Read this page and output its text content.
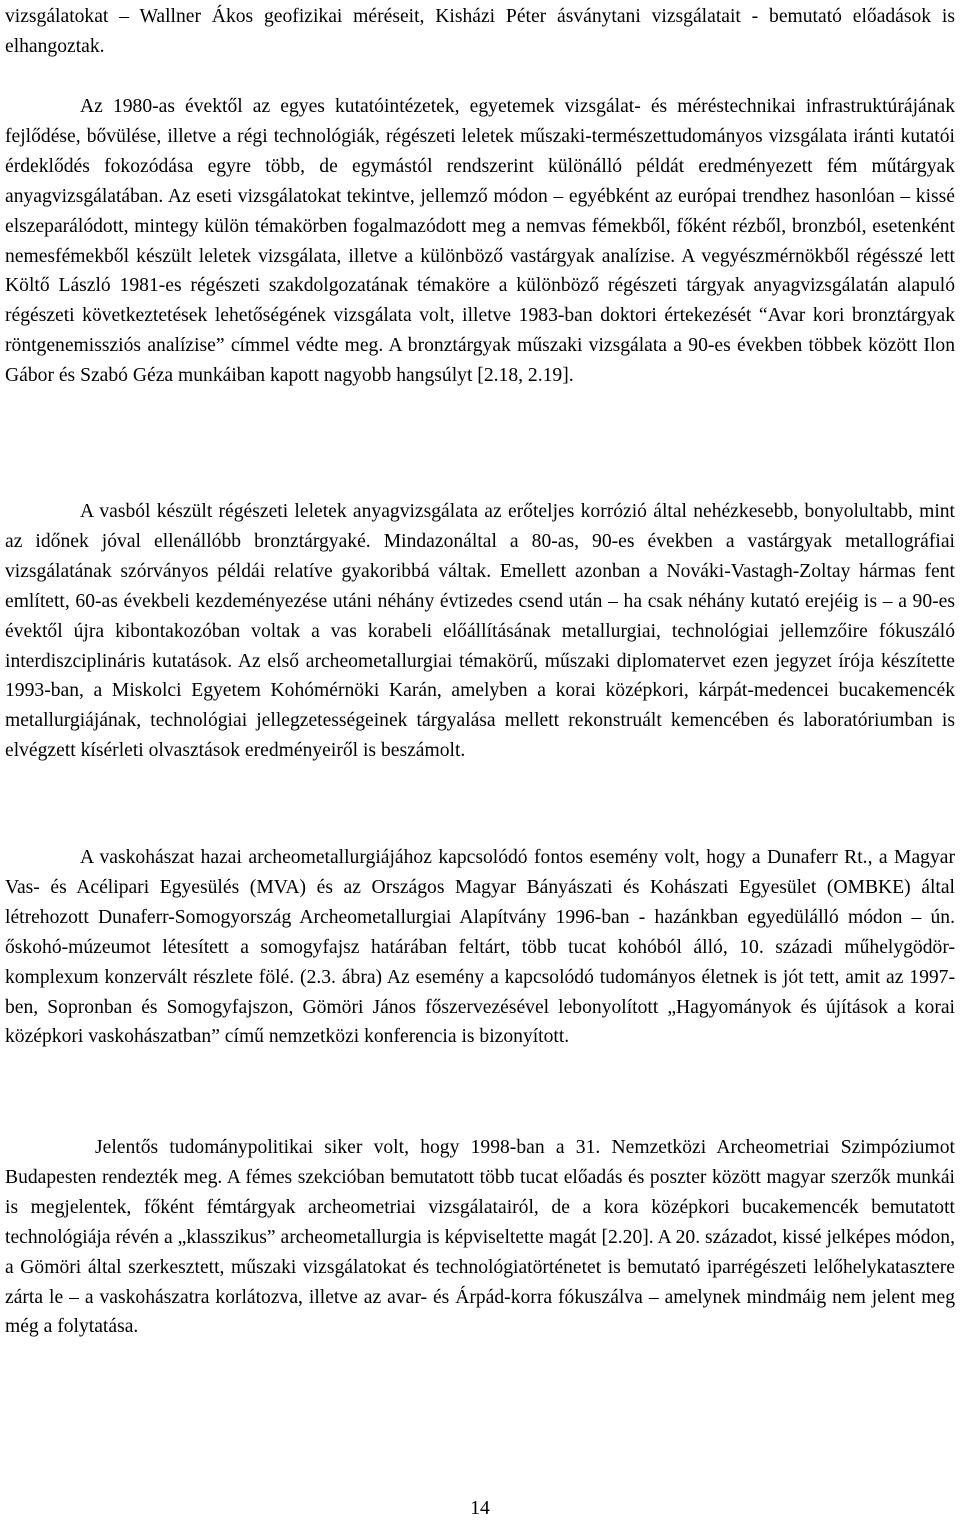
vizsgálatokat – Wallner Ákos geofizikai méréseit, Kisházi Péter ásványtani vizsgálatait - bemutató előadások is elhangoztak.

Az 1980-as évektől az egyes kutatóintézetek, egyetemek vizsgálat- és méréstechnikai infrastruktúrájának fejlődése, bővülése, illetve a régi technológiák, régészeti leletek műszaki-természettudományos vizsgálata iránti kutatói érdeklődés fokozódása egyre több, de egymástól rendszerint különálló példát eredményezett fém műtárgyak anyagvizsgálatában. Az eseti vizsgálatokat tekintve, jellemző módon – egyébként az európai trendhez hasonlóan – kissé elszeparálódott, mintegy külön témakörben fogalmazódott meg a nemvas fémekből, főként rézből, bronzból, esetenként nemesfémekből készült leletek vizsgálata, illetve a különböző vastárgyak analízise. A vegyészmérnökből régésszé lett Költő László 1981-es régészeti szakdolgozatának témaköre a különböző régészeti tárgyak anyagvizsgálatán alapuló régészeti következtetések lehetőségének vizsgálata volt, illetve 1983-ban doktori értekezését “Avar kori bronztárgyak röntgenemissziós analízise” címmel védte meg. A bronztárgyak műszaki vizsgálata a 90-es években többek között Ilon Gábor és Szabó Géza munkáiban kapott nagyobb hangsúlyt [2.18, 2.19].

A vasból készült régészeti leletek anyagvizsgálata az erőteljes korrózió által nehézkesebb, bonyolultabb, mint az időnek jóval ellenállóbb bronztárgyaké. Mindazonáltal a 80-as, 90-es években a vastárgyak metallográfiai vizsgálatának szórványos példái relatíve gyakoribbá váltak. Emellett azonban a Nováki-Vastagh-Zoltay hármas fent említett, 60-as évekbeli kezdeményezése utáni néhány évtizedes csend után – ha csak néhány kutató erejéig is – a 90-es évektől újra kibontakozóban voltak a vas korabeli előállításának metallurgiai, technológiai jellemzőire fókuszáló interdiszciplináris kutatások. Az első archeometallurgiai témakörű, műszaki diplomatervet ezen jegyzet írója készítette 1993-ban, a Miskolci Egyetem Kohómérnöki Karán, amelyben a korai középkori, kárpát-medencei bucakemencék metallurgiájának, technológiai jellegzetességeinek tárgyalása mellett rekonstruált kemencében és laboratóriumban is elvégzett kísérleti olvasztások eredményeiről is beszámolt.

A vaskohászat hazai archeometallurgiájához kapcsolódó fontos esemény volt, hogy a Dunaferr Rt., a Magyar Vas- és Acélipari Egyesülés (MVA) és az Országos Magyar Bányászati és Kohászati Egyesület (OMBKE) által létrehozott Dunaferr-Somogyország Archeometallurgiai Alapítvány 1996-ban - hazánkban egyedülálló módon – ún. őskohó-múzeumot létesített a somogyfajsz határában feltárt, több tucat kohóból álló, 10. századi műhelygödör-komplexum konzervált részlete fölé. (2.3. ábra) Az esemény a kapcsolódó tudományos életnek is jót tett, amit az 1997-ben, Sopronban és Somogyfajszon, Gömöri János főszervezésével lebonyolított „Hagyományok és újítások a korai középkori vaskohászatban” című nemzetközi konferencia is bizonyított.

Jelentős tudománypolitikai siker volt, hogy 1998-ban a 31. Nemzetközi Archeometriai Szimpóziumot Budapesten rendezték meg. A fémes szekcióban bemutatott több tucat előadás és poszter között magyar szerzők munkái is megjelentek, főként fémtárgyak archeometriai vizsgálatairól, de a kora középkori bucakemencék bemutatott technológiája révén a „klasszikus” archeometallurgia is képviseltette magát [2.20]. A 20. századot, kissé jelképes módon, a Gömöri által szerkesztett, műszaki vizsgálatokat és technológiatörténetet is bemutató iparrégészeti lelőhelykatasztere zárta le – a vaskohászatra korlátozva, illetve az avar- és Árpád-korra fókuszálva – amelynek mindmáig nem jelent meg még a folytatása.

14
